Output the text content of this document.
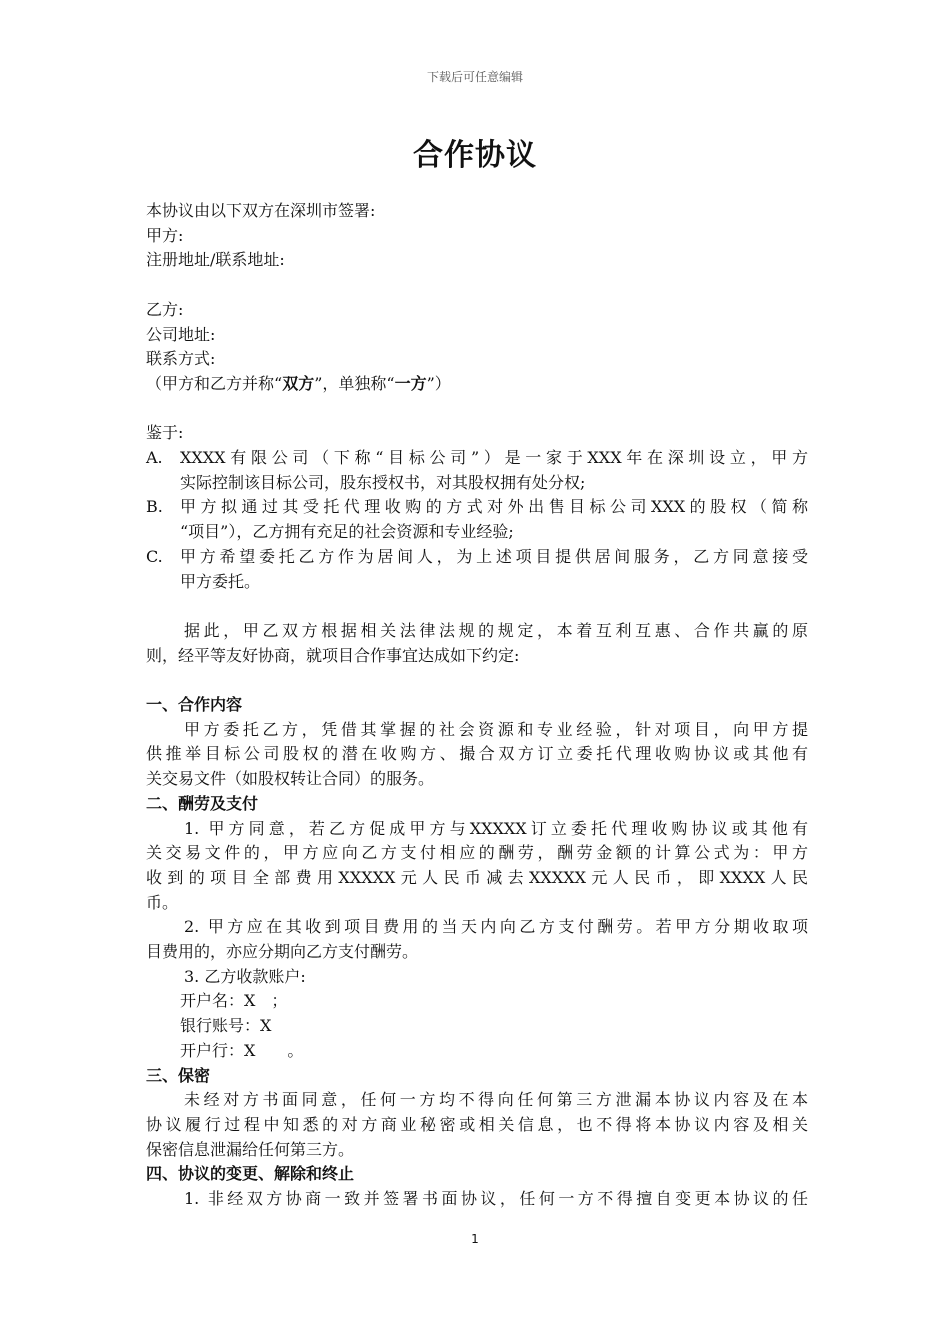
下载后可任意编辑
合作协议
本协议由以下双方在深圳市签署:
甲方:
注册地址/联系地址:
乙方:
公司地址:
联系方式:
（甲方和乙方并称“双方”，单独称“一方”）
鉴于:
A.	XXXX有限公司（下称“目标公司”）是一家于XXX年在深圳设立，甲方
实际控制该目标公司，股东授权书，对其股权拥有处分权;
B.	甲方拟通过其受托代理收购的方式对外出售目标公司XXX的股权（简称
“项目”），乙方拥有充足的社会资源和专业经验;
C.	甲方希望委托乙方作为居间人，为上述项目提供居间服务，乙方同意接受
甲方委托。
据此，甲乙双方根据相关法律法规的规定，本着互利互惠、合作共赢的原
则，经平等友好协商，就项目合作事宜达成如下约定:
一、合作内容
甲方委托乙方，凭借其掌握的社会资源和专业经验，针对项目，向甲方提
供推举目标公司股权的潜在收购方、撮合双方订立委托代理收购协议或其他有
关交易文件（如股权转让合同）的服务。
二、酬劳及支付
1. 甲方同意，若乙方促成甲方与XXXXX订立委托代理收购协议或其他有
关交易文件的，甲方应向乙方支付相应的酬劳，酬劳金额的计算公式为：甲方
收到的项目全部费用XXXXX元人民币减去XXXXX元人民币，即XXXX人民
币。
2. 甲方应在其收到项目费用的当天内向乙方支付酬劳。若甲方分期收取项
目费用的，亦应分期向乙方支付酬劳。
3. 乙方收款账户:
开户名：X　；
银行账号：X
开户行：X　　。
三、保密
未经对方书面同意，任何一方均不得向任何第三方泄漏本协议内容及在本
协议履行过程中知悉的对方商业秘密或相关信息，也不得将本协议内容及相关
保密信息泄漏给任何第三方。
四、协议的变更、解除和终止
1. 非经双方协商一致并签署书面协议，任何一方不得擅自变更本协议的任
1
